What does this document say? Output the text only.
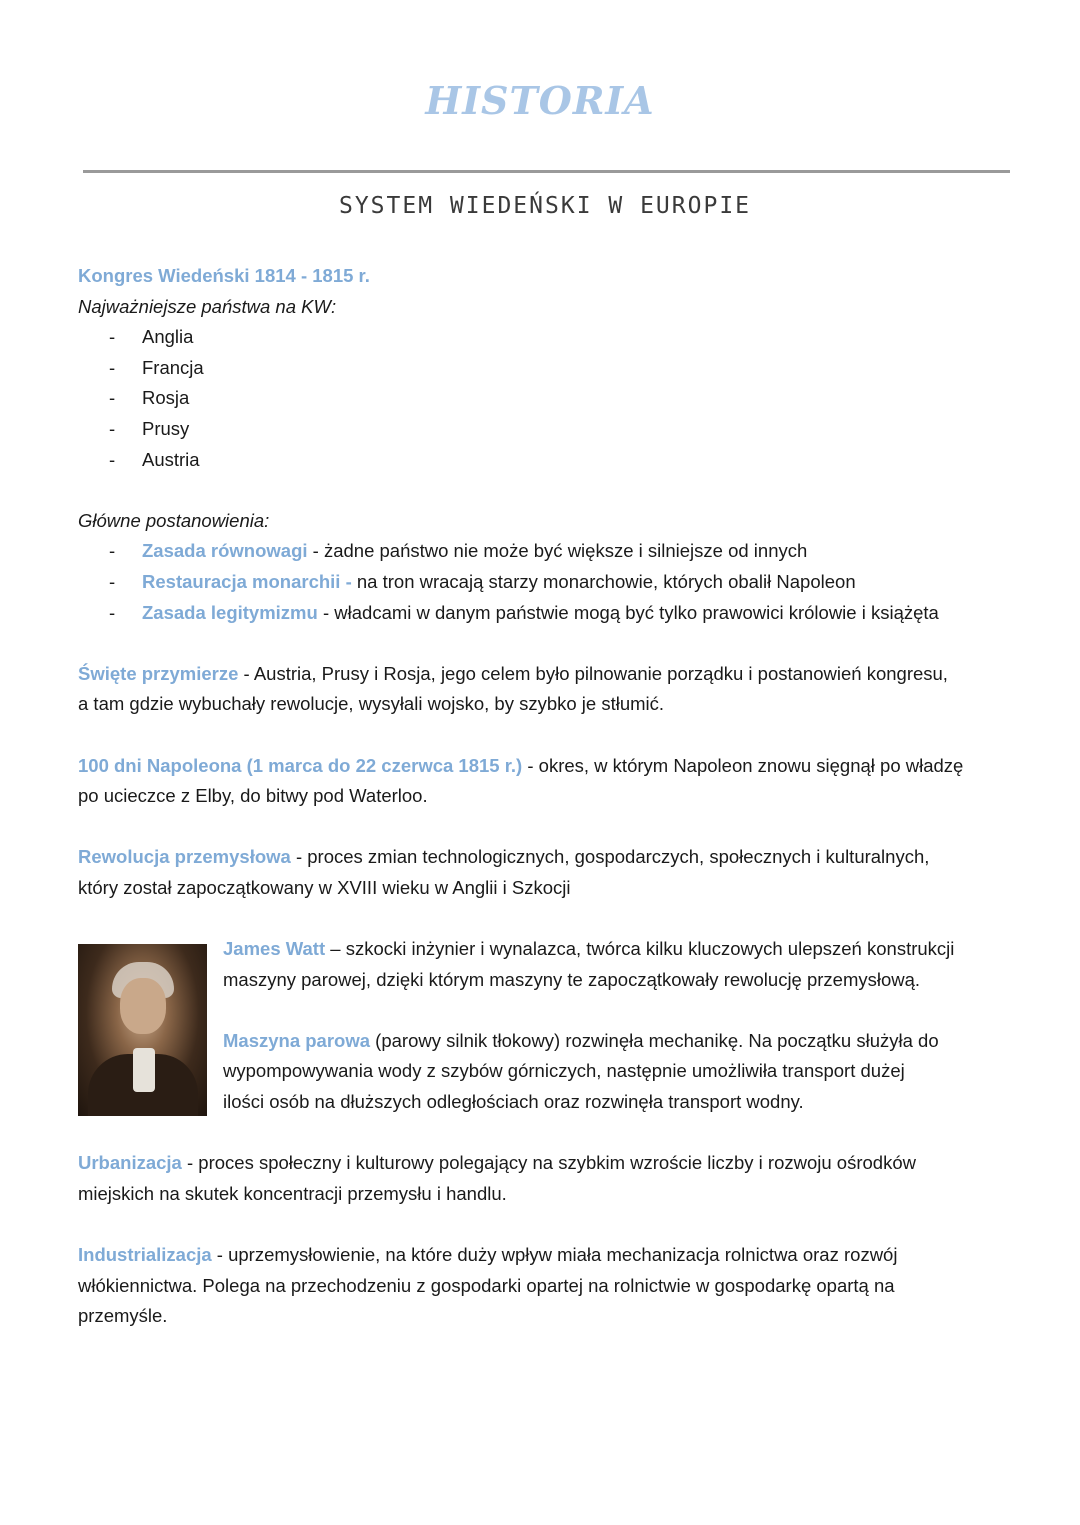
HISTORIA
SYSTEM WIEDEŃSKI W EUROPIE

Kongres Wiedeński 1814 - 1815 r.

Najważniejsze państwa na KW:

- Anglia
- Francja
- Rosja
- Prusy
- Austria

Główne postanowienia:

- Zasada równowagi - żadne państwo nie może być większe i silniejsze od innych
- Restauracja monarchii - na tron wracają starzy monarchowie, których obalił Napoleon
- Zasada legitymizmu - władcami w danym państwie mogą być tylko prawowici królowie i książęta

Święte przymierze - Austria, Prusy i Rosja, jego celem było pilnowanie porządku i postanowień kongresu,

a tam gdzie wybuchały rewolucje, wysyłali wojsko, by szybko je stłumić.

100 dni Napoleona (1 marca do 22 czerwca 1815 r.) - okres, w którym Napoleon znowu sięgnął po władzę

po ucieczce z Elby, do bitwy pod Waterloo.

Rewolucja przemysłowa - proces zmian technologicznych, gospodarczych, społecznych i kulturalnych,

który został zapoczątkowany w XVIII wieku w Anglii i Szkocji

James Watt – szkocki inżynier i wynalazca, twórca kilku kluczowych ulepszeń konstrukcji

maszyny parowej, dzięki którym maszyny te zapoczątkowały rewolucję przemysłową.

Maszyna parowa (parowy silnik tłokowy) rozwinęła mechanikę. Na początku służyła do

wypompowywania wody z szybów górniczych, następnie umożliwiła transport dużej

ilości osób na dłuższych odległościach oraz rozwinęła transport wodny.

Urbanizacja - proces społeczny i kulturowy polegający na szybkim wzroście liczby i rozwoju ośrodków

miejskich na skutek koncentracji przemysłu i handlu.

Industrializacja - uprzemysłowienie, na które duży wpływ miała mechanizacja rolnictwa oraz rozwój

włókiennictwa. Polega na przechodzeniu z gospodarki opartej na rolnictwie w gospodarkę opartą na

przemyśle.
